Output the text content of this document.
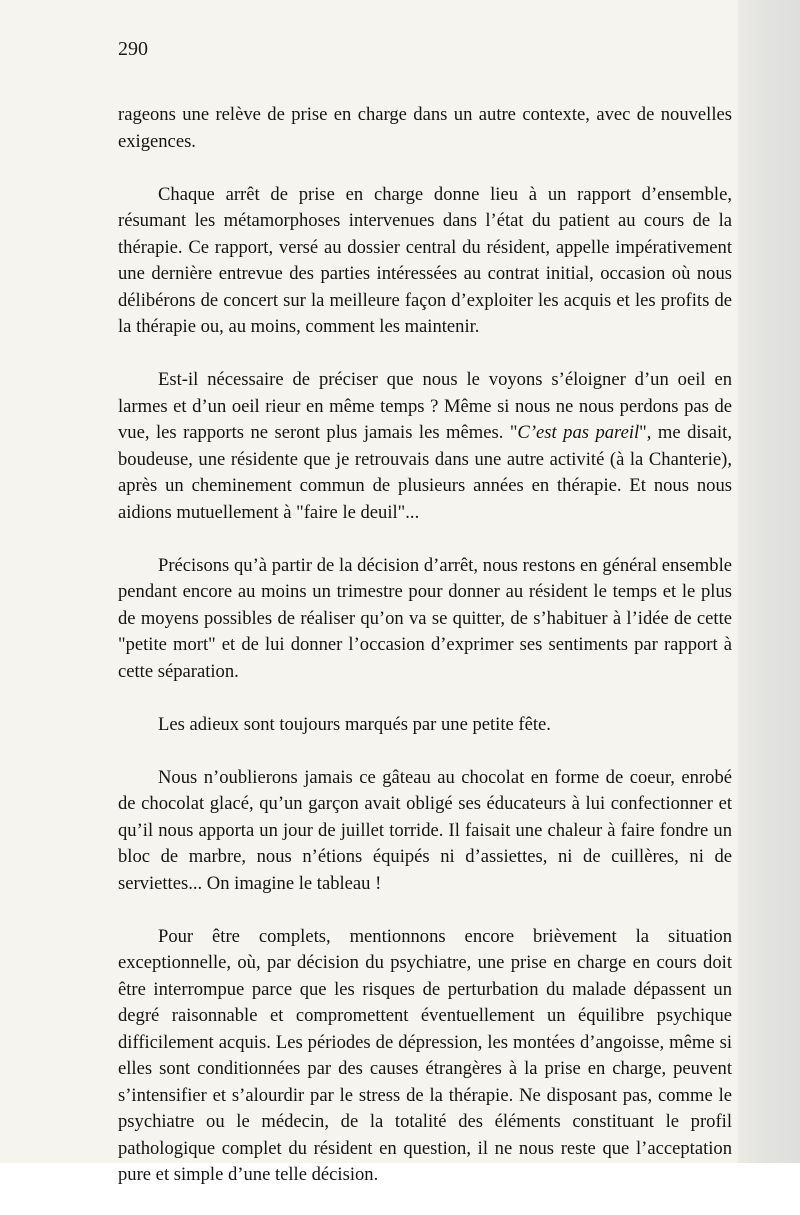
290

rageons une relève de prise en charge dans un autre contexte, avec de nouvelles exigences.

Chaque arrêt de prise en charge donne lieu à un rapport d’ensemble, résumant les métamorphoses intervenues dans l’état du patient au cours de la thérapie. Ce rapport, versé au dossier central du résident, appelle impérativement une dernière entrevue des parties intéressées au contrat initial, occasion où nous délibérons de concert sur la meilleure façon d’exploiter les acquis et les profits de la thérapie ou, au moins, comment les maintenir.

Est-il nécessaire de préciser que nous le voyons s’éloigner d’un oeil en larmes et d’un oeil rieur en même temps ? Même si nous ne nous perdons pas de vue, les rapports ne seront plus jamais les mêmes. "C’est pas pareil", me disait, boudeuse, une résidente que je retrouvais dans une autre activité (à la Chanterie), après un cheminement commun de plusieurs années en thérapie. Et nous nous aidions mutuellement à "faire le deuil"...

Précisons qu’à partir de la décision d’arrêt, nous restons en général ensemble pendant encore au moins un trimestre pour donner au résident le temps et le plus de moyens possibles de réaliser qu’on va se quitter, de s’habituer à l’idée de cette "petite mort" et de lui donner l’occasion d’exprimer ses sentiments par rapport à cette séparation.

Les adieux sont toujours marqués par une petite fête.

Nous n’oublierons jamais ce gâteau au chocolat en forme de coeur, enrobé de chocolat glacé, qu’un garçon avait obligé ses éducateurs à lui confectionner et qu’il nous apporta un jour de juillet torride. Il faisait une chaleur à faire fondre un bloc de marbre, nous n’étions équipés ni d’assiettes, ni de cuillères, ni de serviettes... On imagine le tableau !

Pour être complets, mentionnons encore brièvement la situation exceptionnelle, où, par décision du psychiatre, une prise en charge en cours doit être interrompue parce que les risques de perturbation du malade dépassent un degré raisonnable et compromettent éventuellement un équilibre psychique difficilement acquis. Les périodes de dépression, les montées d’angoisse, même si elles sont conditionnées par des causes étrangères à la prise en charge, peuvent s’intensifier et s’alourdir par le stress de la thérapie. Ne disposant pas, comme le psychiatre ou le médecin, de la totalité des éléments constituant le profil pathologique complet du résident en question, il ne nous reste que l’acceptation pure et simple d’une telle décision.
